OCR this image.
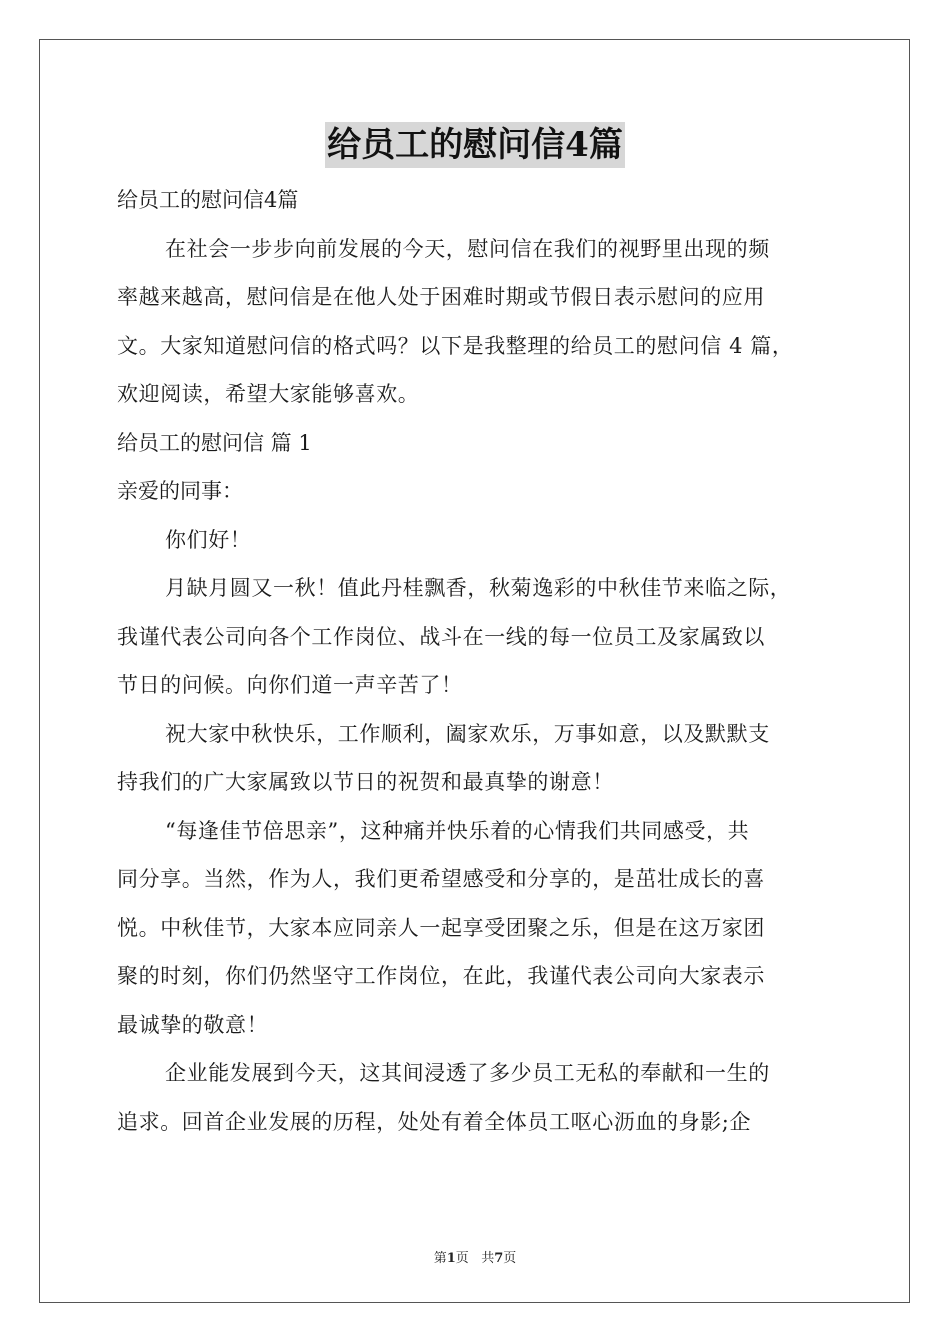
给员工的慰问信4篇
给员工的慰问信4篇
在社会一步步向前发展的今天，慰问信在我们的视野里出现的频
率越来越高，慰问信是在他人处于困难时期或节假日表示慰问的应用
文。大家知道慰问信的格式吗？以下是我整理的给员工的慰问信 4 篇，
欢迎阅读，希望大家能够喜欢。
给员工的慰问信 篇 1
亲爱的同事：
你们好！
月缺月圆又一秋！值此丹桂飘香，秋菊逸彩的中秋佳节来临之际，
我谨代表公司向各个工作岗位、战斗在一线的每一位员工及家属致以
节日的问候。向你们道一声辛苦了！
祝大家中秋快乐，工作顺利，阖家欢乐，万事如意，以及默默支
持我们的广大家属致以节日的祝贺和最真挚的谢意！
“每逢佳节倍思亲”，这种痛并快乐着的心情我们共同感受，共
同分享。当然，作为人，我们更希望感受和分享的，是茁壮成长的喜
悦。中秋佳节，大家本应同亲人一起享受团聚之乐，但是在这万家团
聚的时刻，你们仍然坚守工作岗位，在此，我谨代表公司向大家表示
最诚挚的敬意！
企业能发展到今天，这其间浸透了多少员工无私的奉献和一生的
追求。回首企业发展的历程，处处有着全体员工呕心沥血的身影;企
第1页 共7页
